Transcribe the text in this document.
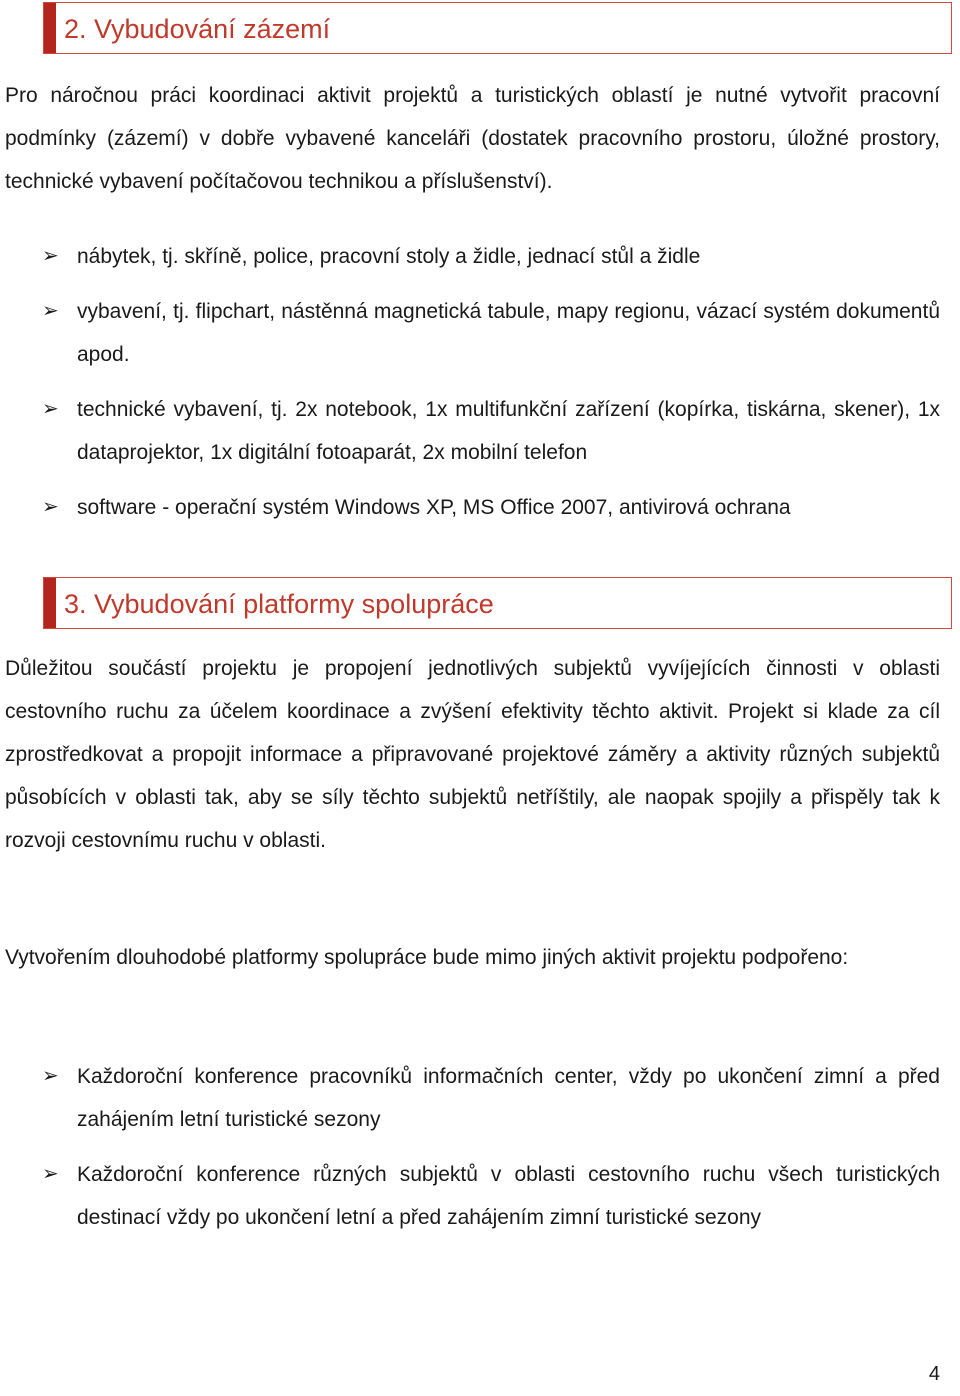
2. Vybudování zázemí

Pro náročnou práci koordinaci aktivit projektů a turistických oblastí je nutné vytvořit pracovní podmínky (zázemí) v dobře vybavené kanceláři (dostatek pracovního prostoru, úložné prostory, technické vybavení počítačovou technikou a příslušenství).

➢ nábytek, tj. skříně, police, pracovní stoly a židle, jednací stůl a židle

➢ vybavení, tj. flipchart, nástěnná magnetická tabule, mapy regionu, vázací systém dokumentů apod.

➢ technické vybavení, tj. 2x notebook, 1x multifunkční zařízení (kopírka, tiskárna, skener), 1x dataprojektor, 1x digitální fotoaparát, 2x mobilní telefon

➢ software - operační systém Windows XP, MS Office 2007, antivirová ochrana

3. Vybudování platformy spolupráce

Důležitou součástí projektu je propojení jednotlivých subjektů vyvíjejících činnosti v oblasti cestovního ruchu za účelem koordinace a zvýšení efektivity těchto aktivit. Projekt si klade za cíl zprostředkovat a propojit informace a připravované projektové záměry a aktivity různých subjektů působících v oblasti tak, aby se síly těchto subjektů netříštily, ale naopak spojily a přispěly tak k rozvoji cestovnímu ruchu v oblasti.

Vytvořením dlouhodobé platformy spolupráce bude mimo jiných aktivit projektu podpořeno:

➢ Každoroční konference pracovníků informačních center, vždy po ukončení zimní a před zahájením letní turistické sezony

➢ Každoroční konference různých subjektů v oblasti cestovního ruchu všech turistických destinací vždy po ukončení letní a před zahájením zimní turistické sezony

4
